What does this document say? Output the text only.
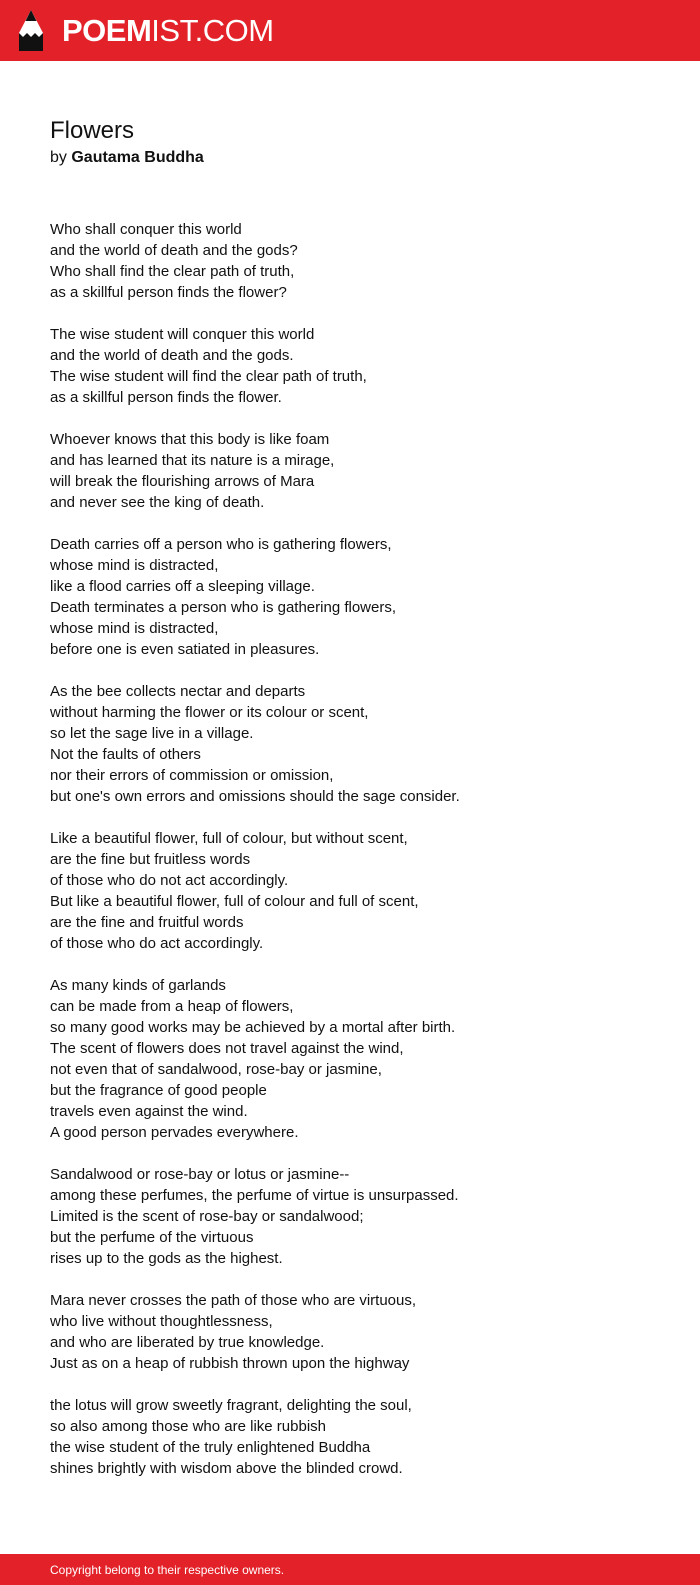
POEMIST.COM
Flowers
by Gautama Buddha
Who shall conquer this world
and the world of death and the gods?
Who shall find the clear path of truth,
as a skillful person finds the flower?
The wise student will conquer this world
and the world of death and the gods.
The wise student will find the clear path of truth,
as a skillful person finds the flower.
Whoever knows that this body is like foam
and has learned that its nature is a mirage,
will break the flourishing arrows of Mara
and never see the king of death.
Death carries off a person who is gathering flowers,
whose mind is distracted,
like a flood carries off a sleeping village.
Death terminates a person who is gathering flowers,
whose mind is distracted,
before one is even satiated in pleasures.
As the bee collects nectar and departs
without harming the flower or its colour or scent,
so let the sage live in a village.
Not the faults of others
nor their errors of commission or omission,
but one's own errors and omissions should the sage consider.
Like a beautiful flower, full of colour, but without scent,
are the fine but fruitless words
of those who do not act accordingly.
But like a beautiful flower, full of colour and full of scent,
are the fine and fruitful words
of those who do act accordingly.
As many kinds of garlands
can be made from a heap of flowers,
so many good works may be achieved by a mortal after birth.
The scent of flowers does not travel against the wind,
not even that of sandalwood, rose-bay or jasmine,
but the fragrance of good people
travels even against the wind.
A good person pervades everywhere.
Sandalwood or rose-bay or lotus or jasmine--
among these perfumes, the perfume of virtue is unsurpassed.
Limited is the scent of rose-bay or sandalwood;
but the perfume of the virtuous
rises up to the gods as the highest.
Mara never crosses the path of those who are virtuous,
who live without thoughtlessness,
and who are liberated by true knowledge.
Just as on a heap of rubbish thrown upon the highway
the lotus will grow sweetly fragrant, delighting the soul,
so also among those who are like rubbish
the wise student of the truly enlightened Buddha
shines brightly with wisdom above the blinded crowd.
Copyright belong to their respective owners.
